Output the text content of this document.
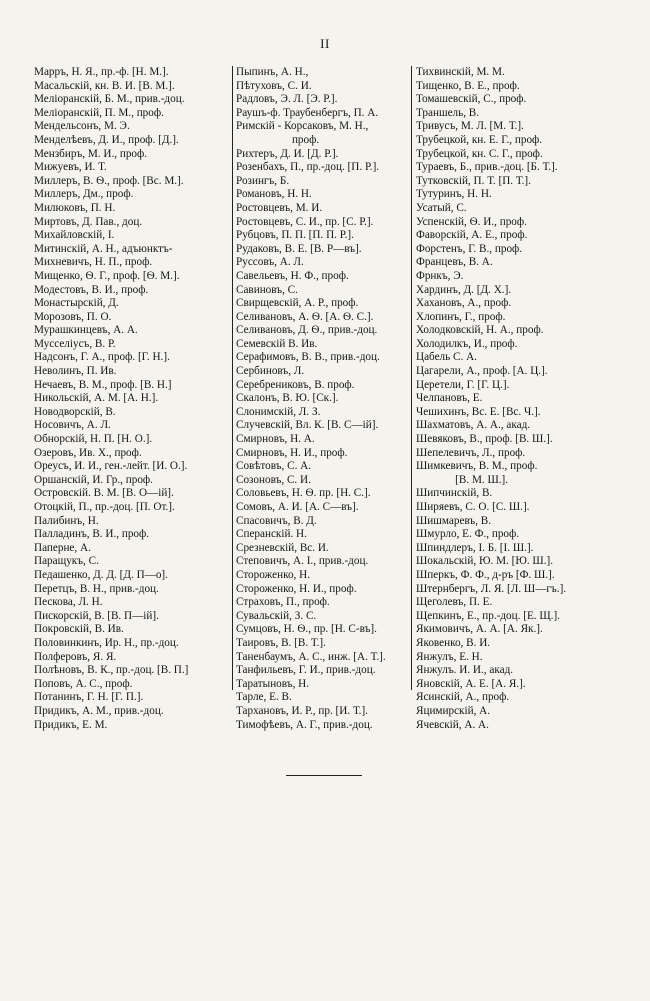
II
Марръ, Н. Я., пр.-ф. [Н. М.].
Масальскій, кн. В. И. [В. М.].
Меліоранскій, Б. М., прив.-доц.
Меліоранскій, П. М., проф.
Мендельсонъ, М. Э.
Менделѣевъ, Д. И., проф. [Д.].
Мензбиръ, М. И., проф.
Мижуевъ, И. Т.
Миллеръ, В. Ѳ., проф. [Вс. М.].
Миллеръ, Дм., проф.
Милюковъ, П. Н.
Миртовъ, Д. Пав., доц.
Михайловскій, І.
Митинскій, А. Н., адъюнктъ-
Михневичъ, Н. П., проф.
Мищенко, Ѳ. Г., проф. [Ѳ. М.].
Модестовъ, В. И., проф.
Монастырскій, Д.
Морозовъ, П. О.
Мурашкинцевъ, А. А.
Мусселіусъ, В. Р.
Надсонъ, Г. А., проф. [Г. Н.].
Неволинъ, П. Ив.
Нечаевъ, В. М., проф. [В. Н.]
Никольскій, А. М. [А. Н.].
Новодворскій, В.
Носовичъ, А. Л.
Обнорскій, Н. П. [Н. О.].
Озеровъ, Ив. Х., проф.
Ореусъ, И. И., ген.-лейт. [И. О.].
Оршанскій, И. Гр., проф.
Островскій. В. М. [В. О—ій].
Отоцкій, П., пр.-доц. [П. От.].
Палибинъ, Н.
Палладинъ, В. И., проф.
Паперне, А.
Паращукъ, С.
Педашенко, Д. Д. [Д. П—о].
Перетцъ, В. Н., прив.-доц.
Пескова, Л. Н.
Пискорскій, В. [В. П—ій].
Покровскій, В. Ив.
Половинкинъ, Ир. Н., пр.-доц.
Полферовъ, Я. Я.
Полѣновъ, В. К., пр.-доц. [В. П.]
Поповъ, А. С., проф.
Потанинъ, Г. Н. [Г. П.].
Придикъ, А. М., прив.-доц.
Придикъ, Е. М.
Пыпинъ, А. Н.,
Пѣтуховъ, С. И.
Радловъ, Э. Л. [Э. Р.].
Раушъ-ф. Траубенбергъ, П. А.
Римскій - Корсаковъ, М. Н.,
проф.
Рихтеръ, Д. И. [Д. Р.].
Розенбахъ, П., пр.-доц. [П. Р.].
Розингъ, Б.
Романовъ, Н. Н.
Ростовцевъ, М. И.
Ростовцевъ, С. И., пр. [С. Р.].
Рубцовъ, П. П. [П. П. Р.].
Рудаковъ, В. Е. [В. Р—въ].
Руссовъ, А. Л.
Савельевъ, Н. Ф., проф.
Савиновъ, С.
Свирщевскій, А. Р., проф.
Селивановъ, А. Ѳ. [А. Ѳ. С.].
Селивановъ, Д. Ѳ., прив.-доц.
Семевскій В. Ив.
Серафимовъ, В. В., прив.-доц.
Сербиновъ, Л.
Серебрениковъ, В. проф.
Скалонъ, В. Ю. [Ск.].
Слонимскій, Л. З.
Случевскій, Вл. К. [В. С—ій].
Смирновъ, Н. А.
Смирновъ, Н. И., проф.
Совѣтовъ, С. А.
Созоновъ, С. И.
Соловьевъ, Н. Ѳ. пр. [Н. С.].
Сомовъ, А. И. [А. С—въ].
Спасовичъ, В. Д.
Сперанскій. Н.
Срезневскій, Вс. И.
Степовичъ, А. І., прив.-доц.
Стороженко, Н.
Стороженко, Н. И., проф.
Страховъ, П., проф.
Сувальскій, З. С.
Сумцовъ, Н. Ѳ., пр. [Н. С-въ].
Таировъ, В. [В. Т.].
Таненбаумъ, А. С., инж. [А. Т.].
Танфильевъ, Г. И., прив.-доц.
Таратыновъ, Н.
Тарле, Е. В.
Тархановъ, И. Р., пр. [И. Т.].
Тимофѣевъ, А. Г., прив.-доц.
Тихвинскій, М. М.
Тищенко, В. Е., проф.
Томашевскій, С., проф.
Траншель, В.
Тривусъ, М. Л. [М. Т.].
Трубецкой, кн. Е. Г., проф.
Трубецкой, кн. С. Г., проф.
Тураевъ, Б., прив.-доц. [Б. Т.].
Тутковскій, П. Т. [П. Т.].
Тутуринъ, Н. Н.
Усатый, С.
Успенскій, Ѳ. И., проф.
Фаворскій, А. Е., проф.
Форстенъ, Г. В., проф.
Францевъ, В. А.
Фрнкъ, Э.
Хардинъ, Д. [Д. Х.].
Хахановъ, А., проф.
Хлопинъ, Г., проф.
Холодковскій, Н. А., проф.
Холодилкъ, И., проф.
Цабель С. А.
Цагарели, А., проф. [А. Ц.].
Церетели, Г. [Г. Ц.].
Челпановъ, Е.
Чешихинъ, Вс. Е. [Вс. Ч.].
Шахматовъ, А. А., акад.
Шевяковъ, В., проф. [В. Ш.].
Шепелевичъ, Л., проф.
Шимкевичъ, В. М., проф.
[В. М. Ш.].
Шипчинскій, В.
Ширяевъ, С. О. [С. Ш.].
Шишмаревъ, В.
Шмурло, Е. Ф., проф.
Шпиндлеръ, І. Б. [І. Ш.].
Шокальскій, Ю. М. [Ю. Ш.].
Шперкъ, Ф. Ф., д-ръ [Ф. Ш.].
Штернбергъ, Л. Я. [Л. Ш—гъ.].
Щеголевъ, П. Е.
Щепкинъ, Е., пр.-доц. [Е. Щ.].
Якимовичъ, А. А. [А. Як.].
Яковенко, В. И.
Янжулъ, Е. Н.
Янжулъ. И. И., акад.
Яновскій, А. Е. [А. Я.].
Ясинскій, А., проф.
Яцимирскій, А.
Ячевскій, А. А.
